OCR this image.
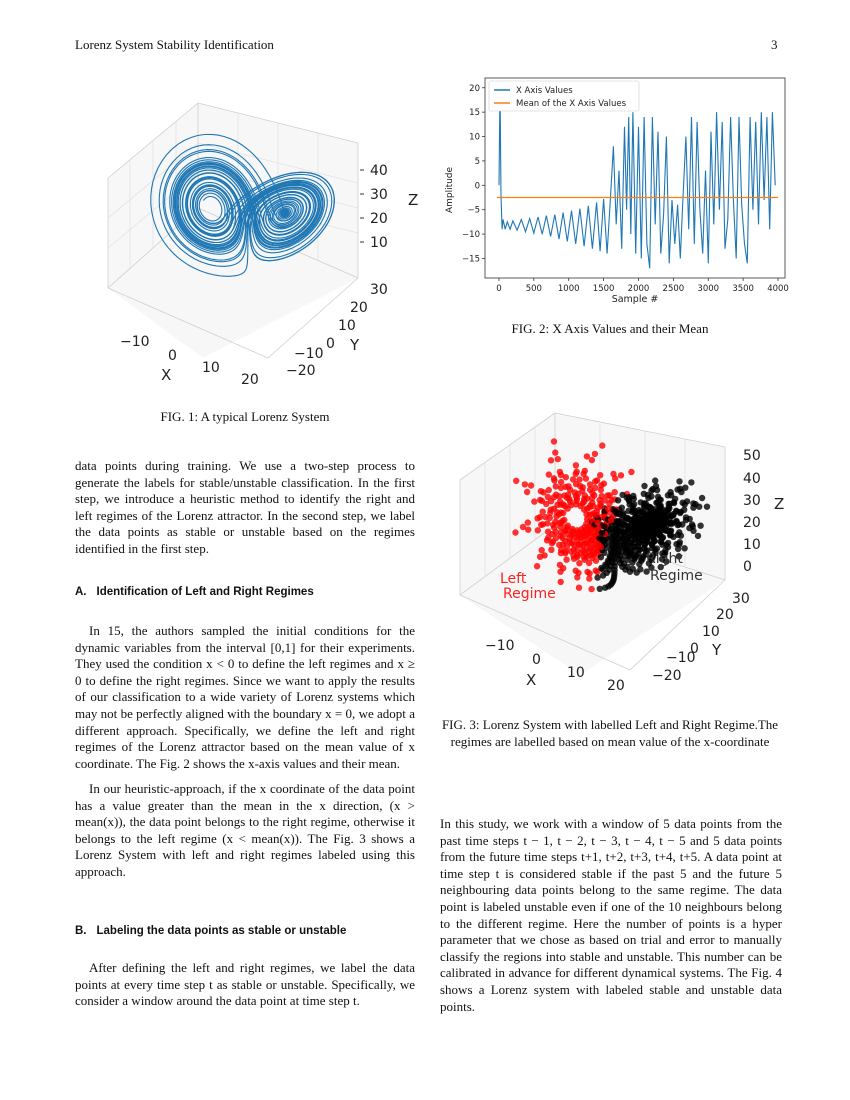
Lorenz System Stability Identification	3
40
30
20
10
Z
30
20
10
0
−10
−20
Y
−10
0
10
20
X
FIG. 1: A typical Lorenz System
Amplitude
Sample #
−15
−10
−5
0
5
10
15
20
0	500 1000 1500 2000 2500 3000 3500 4000
X Axis Values
Mean of the X Axis Values
FIG. 2: X Axis Values and their Mean
50
40
30
20
10
0
Z
30
20
10
0
−10
−20
Y
−10
0
10
20
X
Left
Regime
Right
Regime
FIG. 3: Lorenz System with labelled Left and Right Regime.The regimes are labelled based on mean value of the x-coordinate

data points during training. We use a two-step process to generate the labels for stable/unstable classification. In the first step, we introduce a heuristic method to identify the right and left regimes of the Lorenz attractor. In the second step, we label the data points as stable or unstable based on the regimes identified in the first step.

A. Identification of Left and Right Regimes

In 15, the authors sampled the initial conditions for the dynamic variables from the interval [0,1] for their experiments. They used the condition x < 0 to define the left regimes and x ≥ 0 to define the right regimes. Since we want to apply the results of our classification to a wide variety of Lorenz systems which may not be perfectly aligned with the boundary x = 0, we adopt a different approach. Specifically, we define the left and right regimes of the Lorenz attractor based on the mean value of x coordinate. The Fig. 2 shows the x-axis values and their mean.

In our heuristic-approach, if the x coordinate of the data point has a value greater than the mean in the x direction, (x > mean(x)), the data point belongs to the right regime, otherwise it belongs to the left regime (x < mean(x)). The Fig. 3 shows a Lorenz System with left and right regimes labeled using this approach.

B. Labeling the data points as stable or unstable

After defining the left and right regimes, we label the data points at every time step t as stable or unstable. Specifically, we consider a window around the data point at time step t.

In this study, we work with a window of 5 data points from the past time steps t − 1, t − 2, t − 3, t − 4, t − 5 and 5 data points from the future time steps t+1, t+2, t+3, t+4, t+5. A data point at time step t is considered stable if the past 5 and the future 5 neighbouring data points belong to the same regime. The data point is labeled unstable even if one of the 10 neighbours belong to the different regime. Here the number of points is a hyper parameter that we chose as based on trial and error to manually classify the regions into stable and unstable. This number can be calibrated in advance for different dynamical systems. The Fig. 4 shows a Lorenz system with labeled stable and unstable data points.
